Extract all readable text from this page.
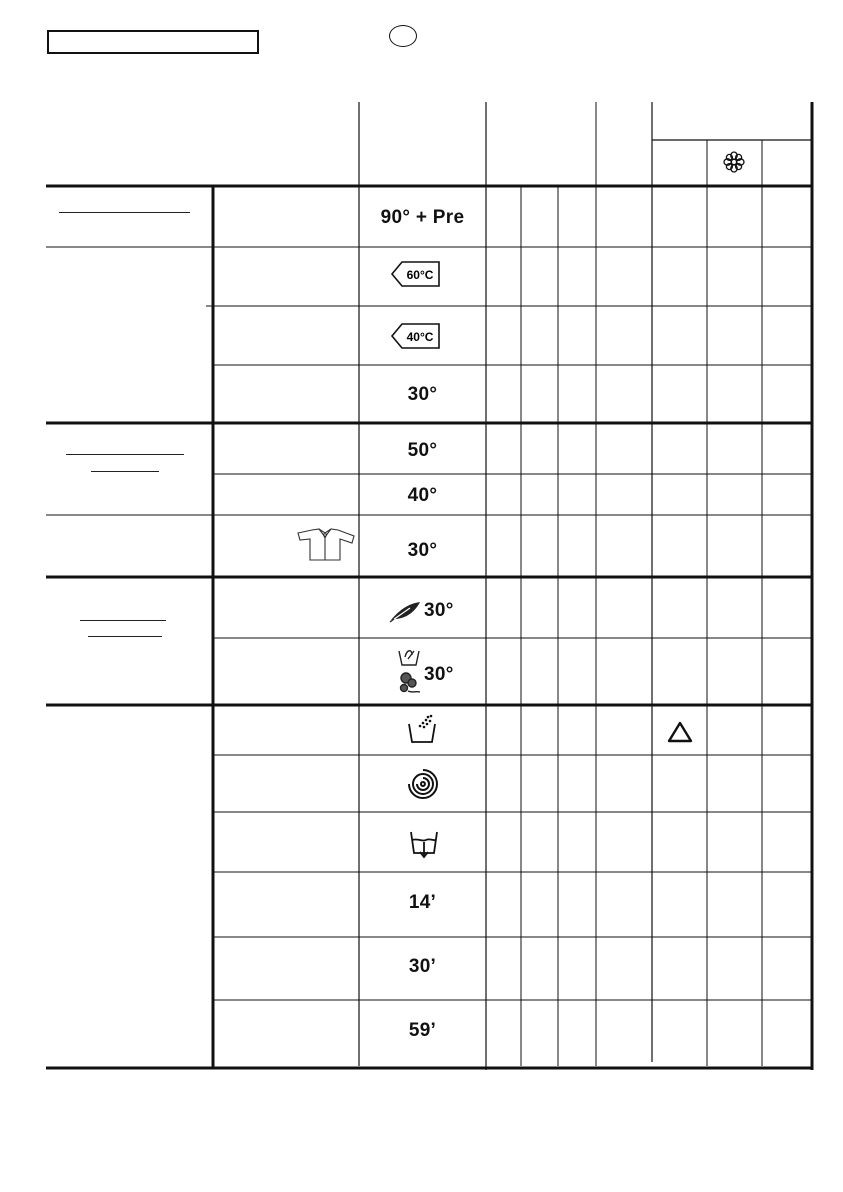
90° + Pre
60°C
40°C
30°
50°
40°
30°
30°
30°
14’
30’
59’
